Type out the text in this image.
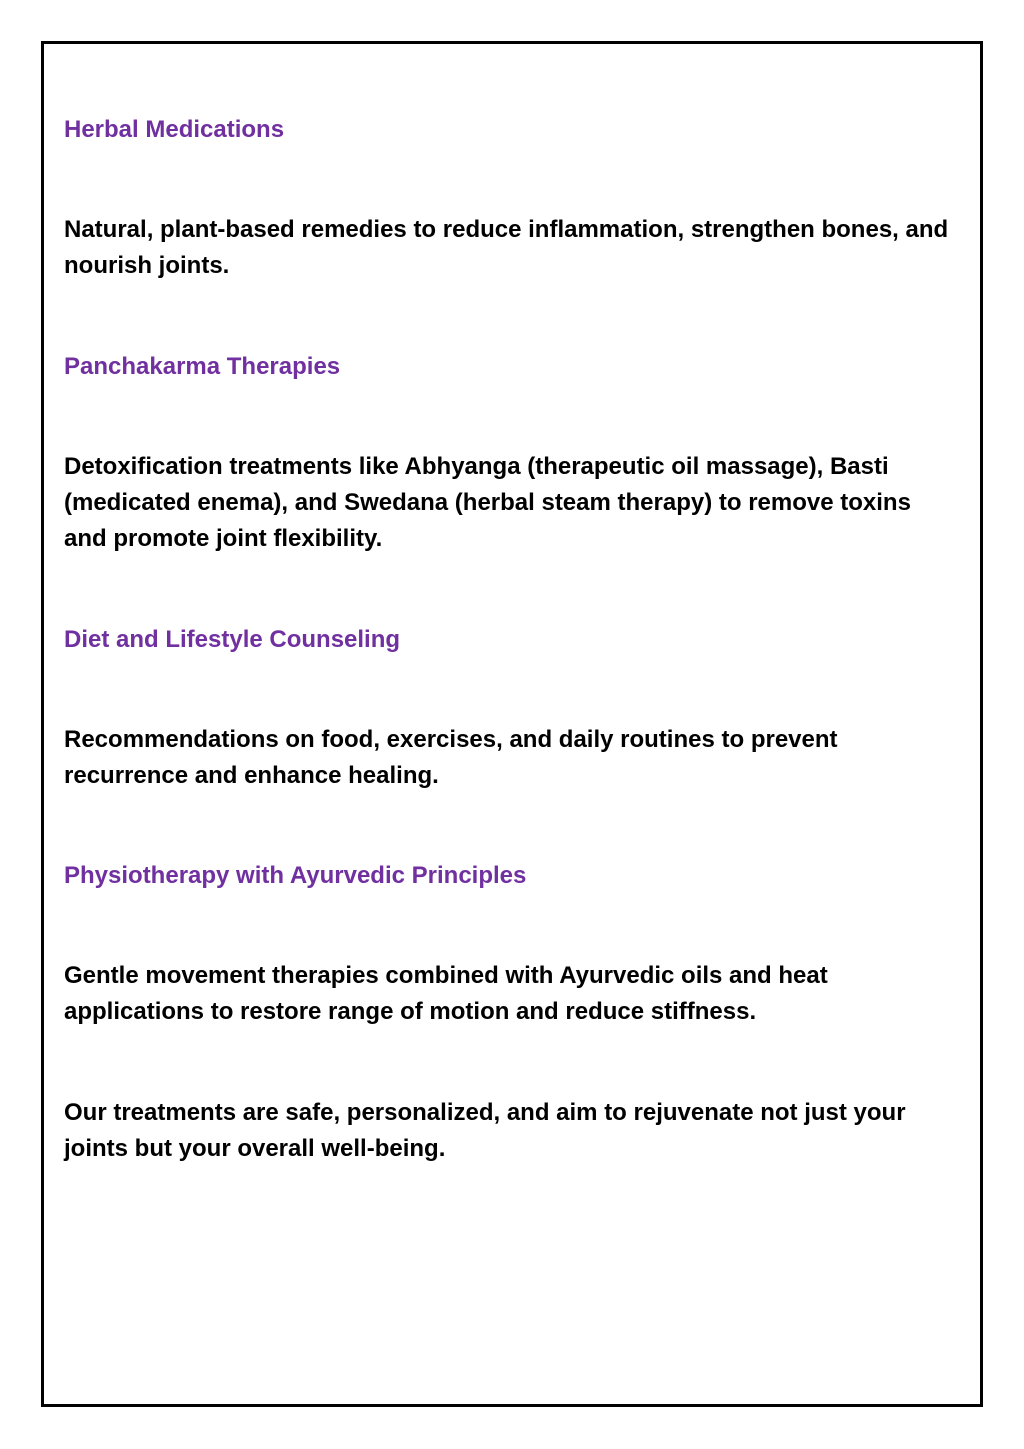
Herbal Medications

Natural, plant-based remedies to reduce inflammation, strengthen bones, and
nourish joints.

Panchakarma Therapies

Detoxification treatments like Abhyanga (therapeutic oil massage), Basti
(medicated enema), and Swedana (herbal steam therapy) to remove toxins
and promote joint flexibility.

Diet and Lifestyle Counseling

Recommendations on food, exercises, and daily routines to prevent
recurrence and enhance healing.

Physiotherapy with Ayurvedic Principles

Gentle movement therapies combined with Ayurvedic oils and heat
applications to restore range of motion and reduce stiffness.

Our treatments are safe, personalized, and aim to rejuvenate not just your
joints but your overall well-being.
